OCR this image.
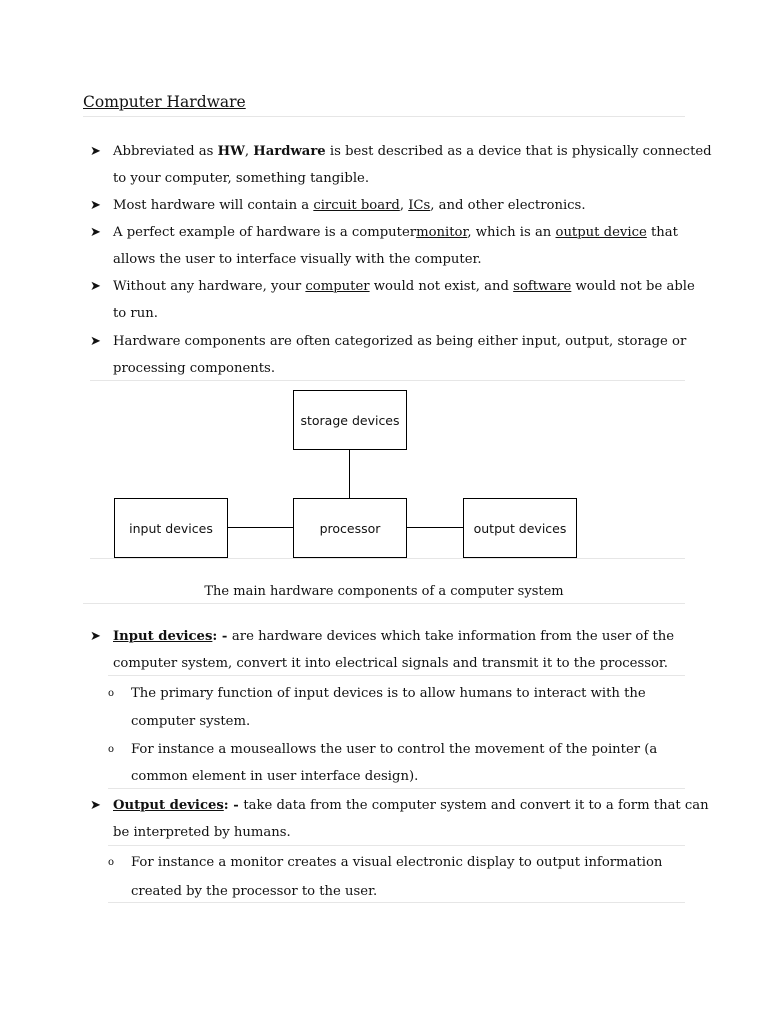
Computer Hardware
➤ Abbreviated as HW, Hardware is best described as a device that is physically connected
to your computer, something tangible.
➤ Most hardware will contain a circuit board, ICs, and other electronics.
➤ A perfect example of hardware is a computermonitor, which is an output device that
allows the user to interface visually with the computer.
➤ Without any hardware, your computer would not exist, and software would not be able
to run.
➤ Hardware components are often categorized as being either input, output, storage or
processing components.
storage devices
input devices	processor	output devices
The main hardware components of a computer system
➤ Input devices: - are hardware devices which take information from the user of the
computer system, convert it into electrical signals and transmit it to the processor.
o The primary function of input devices is to allow humans to interact with the
computer system.
o For instance a mouseallows the user to control the movement of the pointer (a
common element in user interface design).
➤ Output devices: - take data from the computer system and convert it to a form that can
be interpreted by humans.
o For instance a monitor creates a visual electronic display to output information
created by the processor to the user.
